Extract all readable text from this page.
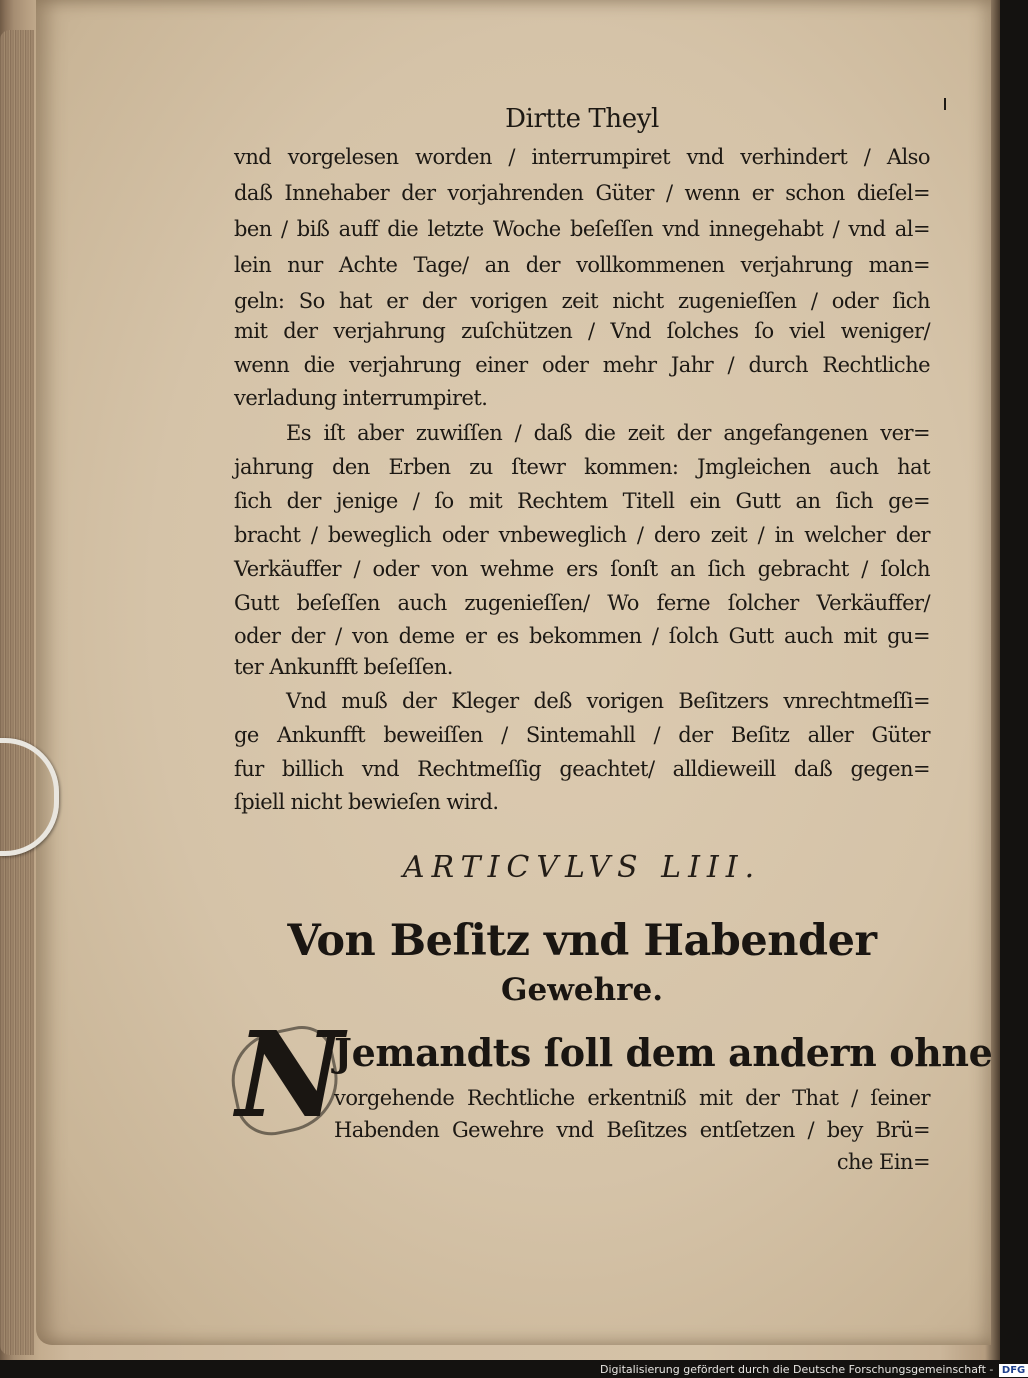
Dirtte Theyl
vnd vorgelesen worden / interrumpiret vnd verhindert / Also
daß Innehaber der vorjahrenden Güter / wenn er schon dieſel=
ben / biß auff die letzte Woche beſeſſen vnd innegehabt / vnd al=
lein nur Achte Tage/ an der vollkommenen verjahrung man=
geln: So hat er der vorigen zeit nicht zugenieſſen / oder ſich
mit der verjahrung zuſchützen / Vnd ſolches ſo viel weniger/
wenn die verjahrung einer oder mehr Jahr / durch Rechtliche
verladung interrumpiret.
Es iſt aber zuwiſſen / daß die zeit der angefangenen ver=
jahrung den Erben zu ſtewr kommen: Jmgleichen auch hat
ſich der jenige / ſo mit Rechtem Titell ein Gutt an ſich ge=
bracht / beweglich oder vnbeweglich / dero zeit / in welcher der
Verkäuffer / oder von wehme ers ſonſt an ſich gebracht / ſolch
Gutt beſeſſen auch zugenieſſen/ Wo ferne ſolcher Verkäuffer/
oder der / von deme er es bekommen / ſolch Gutt auch mit gu=
ter Ankunfft beſeſſen.
Vnd muß der Kleger deß vorigen Beſitzers vnrechtmeſſi=
ge Ankunfft beweiſſen / Sintemahll / der Beſitz aller Güter
fur billich vnd Rechtmeſſig geachtet/ alldieweill daß gegen=
ſpiell nicht bewieſen wird.
ARTICVLVS LIII.
Von Beſitz vnd Habender
Gewehre.
N
Jemandts ſoll dem andern ohne
vorgehende Rechtliche erkentniß mit der That / ſeiner
Habenden Gewehre vnd Beſitzes entſetzen / bey Brü=
che Ein=
Digitalisierung gefördert durch die Deutsche Forschungsgemeinschaft - DFG
